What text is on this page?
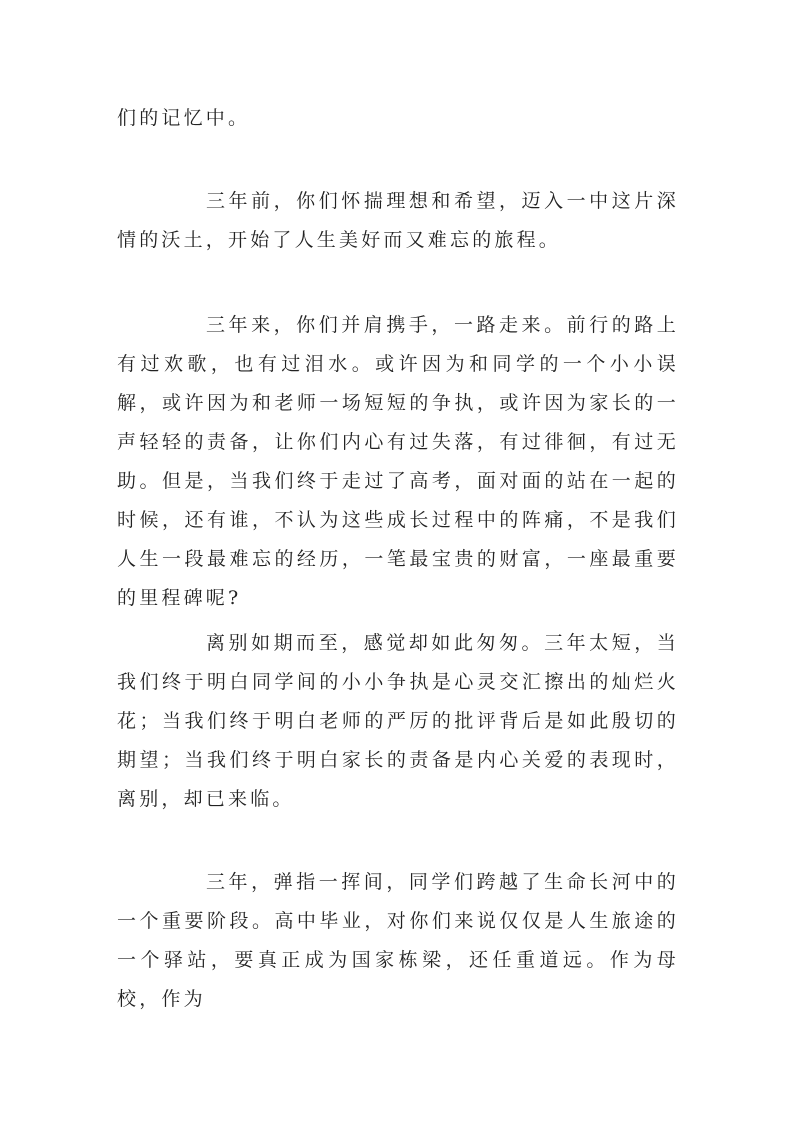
们的记忆中。

三年前，你们怀揣理想和希望，迈入一中这片深情的沃土，开始了人生美好而又难忘的旅程。

三年来，你们并肩携手，一路走来。前行的路上有过欢歌，也有过泪水。或许因为和同学的一个小小误解，或许因为和老师一场短短的争执，或许因为家长的一声轻轻的责备，让你们内心有过失落，有过徘徊，有过无助。但是，当我们终于走过了高考，面对面的站在一起的时候，还有谁，不认为这些成长过程中的阵痛，不是我们人生一段最难忘的经历，一笔最宝贵的财富，一座最重要的里程碑呢?

离别如期而至，感觉却如此匆匆。三年太短，当我们终于明白同学间的小小争执是心灵交汇擦出的灿烂火花；当我们终于明白老师的严厉的批评背后是如此殷切的期望；当我们终于明白家长的责备是内心关爱的表现时，离别，却已来临。

三年，弹指一挥间，同学们跨越了生命长河中的一个重要阶段。高中毕业，对你们来说仅仅是人生旅途的一个驿站，要真正成为国家栋梁，还任重道远。作为母校，作为
